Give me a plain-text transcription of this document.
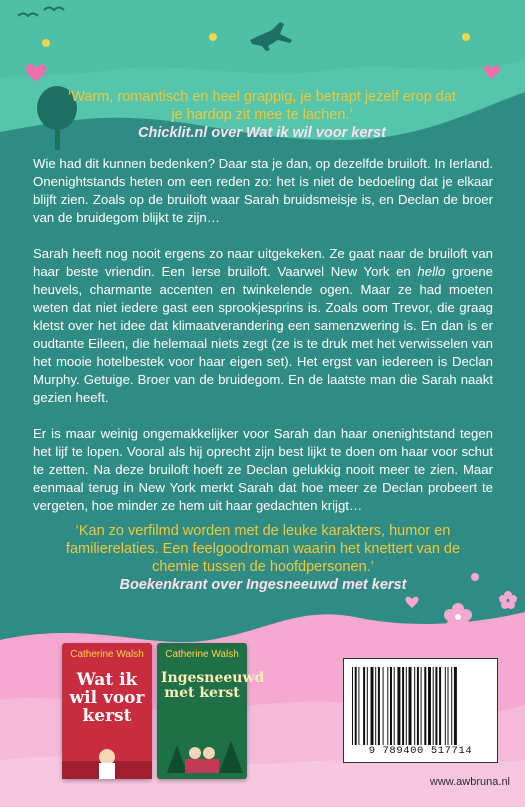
‘Warm, romantisch en heel grappig, je betrapt jezelf erop dat je hardop zit mee te lachen.’
Chicklit.nl over Wat ik wil voor kerst

Wie had dit kunnen bedenken? Daar sta je dan, op dezelfde bruiloft. In Ierland. Onenightstands heten om een reden zo: het is niet de bedoeling dat je elkaar blijft zien. Zoals op de bruiloft waar Sarah bruidsmeisje is, en Declan de broer van de bruidegom blijkt te zijn…

Sarah heeft nog nooit ergens zo naar uitgekeken. Ze gaat naar de bruiloft van haar beste vriendin. Een Ierse bruiloft. Vaarwel New York en hello groene heuvels, charmante accenten en twinkelende ogen. Maar ze had moeten weten dat niet iedere gast een sprookjesprins is. Zoals oom Trevor, die graag kletst over het idee dat klimaatverandering een samenzwering is. En dan is er oudtante Eileen, die helemaal niets zegt (ze is te druk met het verwisselen van het mooie hotelbestek voor haar eigen set). Het ergst van iedereen is Declan Murphy. Getuige. Broer van de bruidegom. En de laatste man die Sarah naakt gezien heeft.

Er is maar weinig ongemakkelijker voor Sarah dan haar onenightstand tegen het lijf te lopen. Vooral als hij oprecht zijn best lijkt te doen om haar voor schut te zetten. Na deze bruiloft hoeft ze Declan gelukkig nooit meer te zien. Maar eenmaal terug in New York merkt Sarah dat hoe meer ze Declan probeert te vergeten, hoe minder ze hem uit haar gedachten krijgt…

‘Kan zo verfilmd worden met de leuke karakters, humor en familierelaties. Een feelgoodroman waarin het knettert van de chemie tussen de hoofdpersonen.’
Boekenkrant over Ingesneeuwd met kerst
Catherine Walsh
Wat ik wil voor kerst
Catherine Walsh
Ingesneeuwd met kerst
9 789400 517714
www.awbruna.nl
